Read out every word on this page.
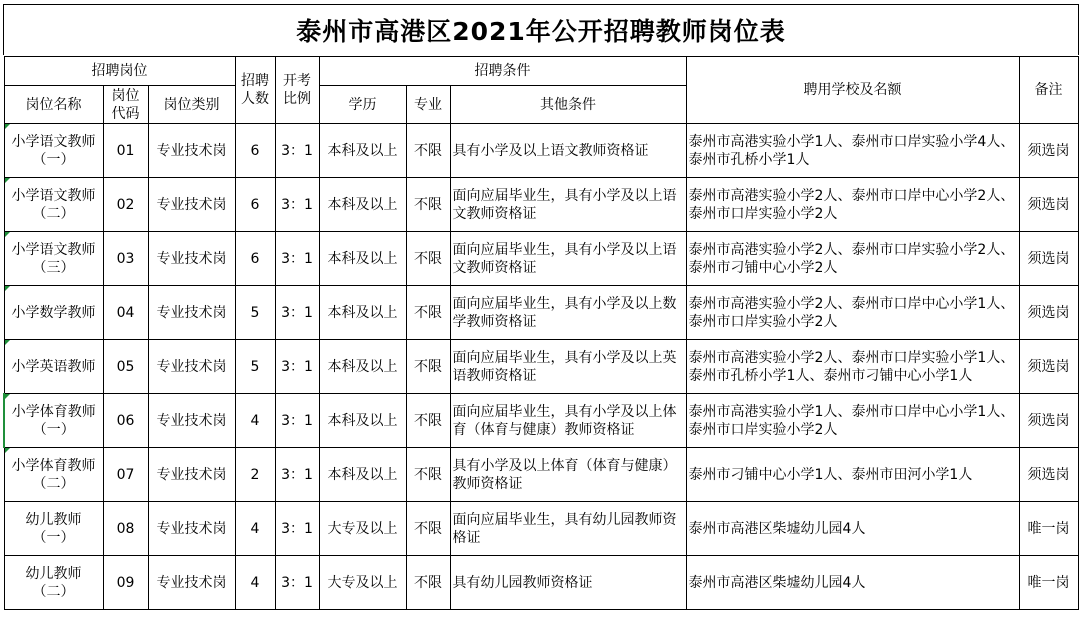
泰州市高港区2021年公开招聘教师岗位表
招聘岗位			招聘人数	开考比例	招聘条件			聘用学校及名额	备注
岗位名称	岗位代码	岗位类别			学历	专业	其他条件		
小学语文教师
（一）	01	专业技术岗	6	3：1	本科及以上	不限	具有小学及以上语文教师资格证	泰州市高港实验小学1人、泰州市口岸实验小学4人、泰州市孔桥小学1人	须选岗
小学语文教师
（二）	02	专业技术岗	6	3：1	本科及以上	不限	面向应届毕业生，具有小学及以上语文教师资格证	泰州市高港实验小学2人、泰州市口岸中心小学2人、泰州市口岸实验小学2人	须选岗
小学语文教师
（三）	03	专业技术岗	6	3：1	本科及以上	不限	面向应届毕业生，具有小学及以上语文教师资格证	泰州市高港实验小学2人、泰州市口岸实验小学2人、泰州市刁铺中心小学2人	须选岗
小学数学教师	04	专业技术岗	5	3：1	本科及以上	不限	面向应届毕业生，具有小学及以上数学教师资格证	泰州市高港实验小学2人、泰州市口岸中心小学1人、泰州市口岸实验小学2人	须选岗
小学英语教师	05	专业技术岗	5	3：1	本科及以上	不限	面向应届毕业生，具有小学及以上英语教师资格证	泰州市高港实验小学2人、泰州市口岸实验小学1人、泰州市孔桥小学1人、泰州市刁铺中心小学1人	须选岗
小学体育教师
（一）	06	专业技术岗	4	3：1	本科及以上	不限	面向应届毕业生，具有小学及以上体育（体育与健康）教师资格证	泰州市高港实验小学1人、泰州市口岸中心小学1人、泰州市口岸实验小学2人	须选岗
小学体育教师
（二）	07	专业技术岗	2	3：1	本科及以上	不限	具有小学及以上体育（体育与健康）教师资格证	泰州市刁铺中心小学1人、泰州市田河小学1人	须选岗
幼儿教师
（一）	08	专业技术岗	4	3：1	大专及以上	不限	面向应届毕业生，具有幼儿园教师资格证	泰州市高港区柴墟幼儿园4人	唯一岗
幼儿教师
（二）	09	专业技术岗	4	3：1	大专及以上	不限	具有幼儿园教师资格证	泰州市高港区柴墟幼儿园4人	唯一岗
